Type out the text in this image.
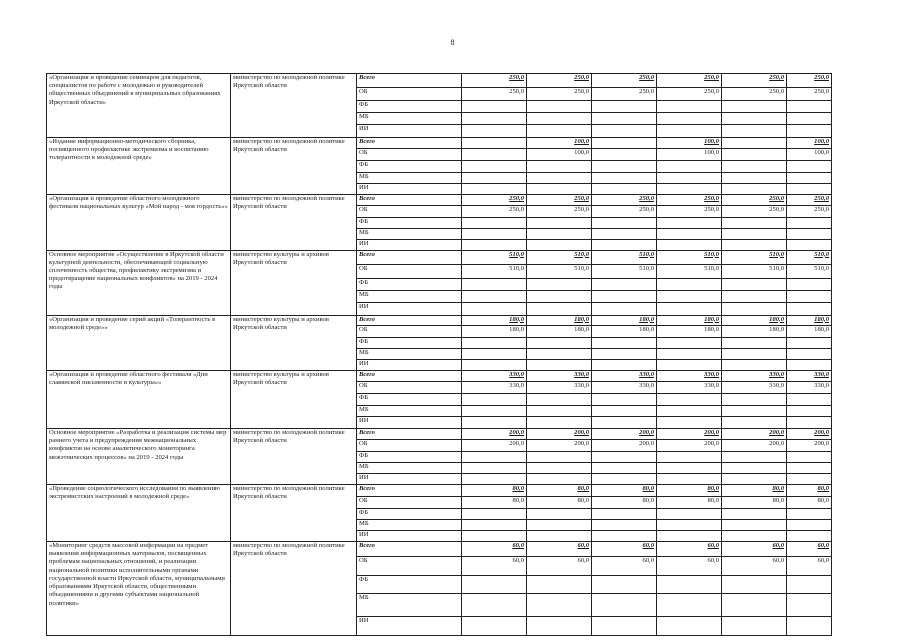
8
«Организация и проведение семинаров для педагогов, специалистов по работе с молодежью и руководителей общественных объединений в муниципальных образованиях Иркутской области»	министерство по молодежной политике Иркутской области	Всего	250,0	250,0	250,0	250,0	250,0	250,0
		ОБ	250,0	250,0	250,0	250,0	250,0	250,0
		ФБ						
		МБ						
		ИИ						
«Издание информационно-методического сборника, посвященного профилактике экстремизма и воспитанию толерантности в молодежной среде»	министерство по молодежной политике Иркутской области	Всего		100,0		100,0		100,0
		ОБ		100,0		100,0		100,0
		ФБ						
		МБ						
		ИИ						
«Организация и проведение областного молодежного фестиваля национальных культур «Мой народ - моя гордость»»	министерство по молодежной политике Иркутской области	Всего	250,0	250,0	250,0	250,0	250,0	250,0
		ОБ	250,0	250,0	250,0	250,0	250,0	250,0
		ФБ						
		МБ						
		ИИ						
Основное мероприятие «Осуществление в Иркутской области культурной деятельности, обеспечивающей социальную сплоченность общества, профилактику экстремизма и предотвращение национальных конфликтов» на 2019 - 2024 годы	министерство культуры и архивов Иркутской области	Всего	510,0	510,0	510,0	510,0	510,0	510,0
		ОБ	510,0	510,0	510,0	510,0	510,0	510,0
		ФБ						
		МБ						
		ИИ						
«Организация и проведение серий акций «Толерантность в молодежной среде»»	министерство культуры и архивов Иркутской области	Всего	180,0	180,0	180,0	180,0	180,0	180,0
		ОБ	180,0	180,0	180,0	180,0	180,0	180,0
		ФБ						
		МБ						
		ИИ						
«Организация и проведение областного фестиваля «Дни славянской письменности и культуры»»	министерство культуры и архивов Иркутской области	Всего	330,0	330,0	330,0	330,0	330,0	330,0
		ОБ	330,0	330,0	330,0	330,0	330,0	330,0
		ФБ						
		МБ						
		ИИ						
Основное мероприятие «Разработка и реализация системы мер раннего учета и предупреждения межнациональных конфликтов на основе аналитического мониторинга межэтнических процессов» на 2019 - 2024 годы	министерство по молодежной политике Иркутской области	Всего	200,0	200,0	200,0	200,0	200,0	200,0
		ОБ	200,0	200,0	200,0	200,0	200,0	200,0
		ФБ						
		МБ						
		ИИ						
«Проведение социологического исследования по выявлению экстремистских настроений в молодежной среде»	министерство по молодежной политике Иркутской области	Всего	80,0	80,0	80,0	80,0	80,0	80,0
		ОБ	80,0	80,0	80,0	80,0	80,0	80,0
		ФБ						
		МБ						
		ИИ						
«Мониторинг средств массовой информации на предмет выявления информационных материалов, посвященных проблемам национальных отношений, и реализации национальной политики исполнительными органами государственной власти Иркутской области, муниципальными образованиями Иркутской области, общественными объединениями и другими субъектами национальной политики»	министерство по молодежной политике Иркутской области	Всего	60,0	60,0	60,0	60,0	60,0	60,0
		ОБ	60,0	60,0	60,0	60,0	60,0	60,0
		ФБ						
		МБ						
		ИИ						
